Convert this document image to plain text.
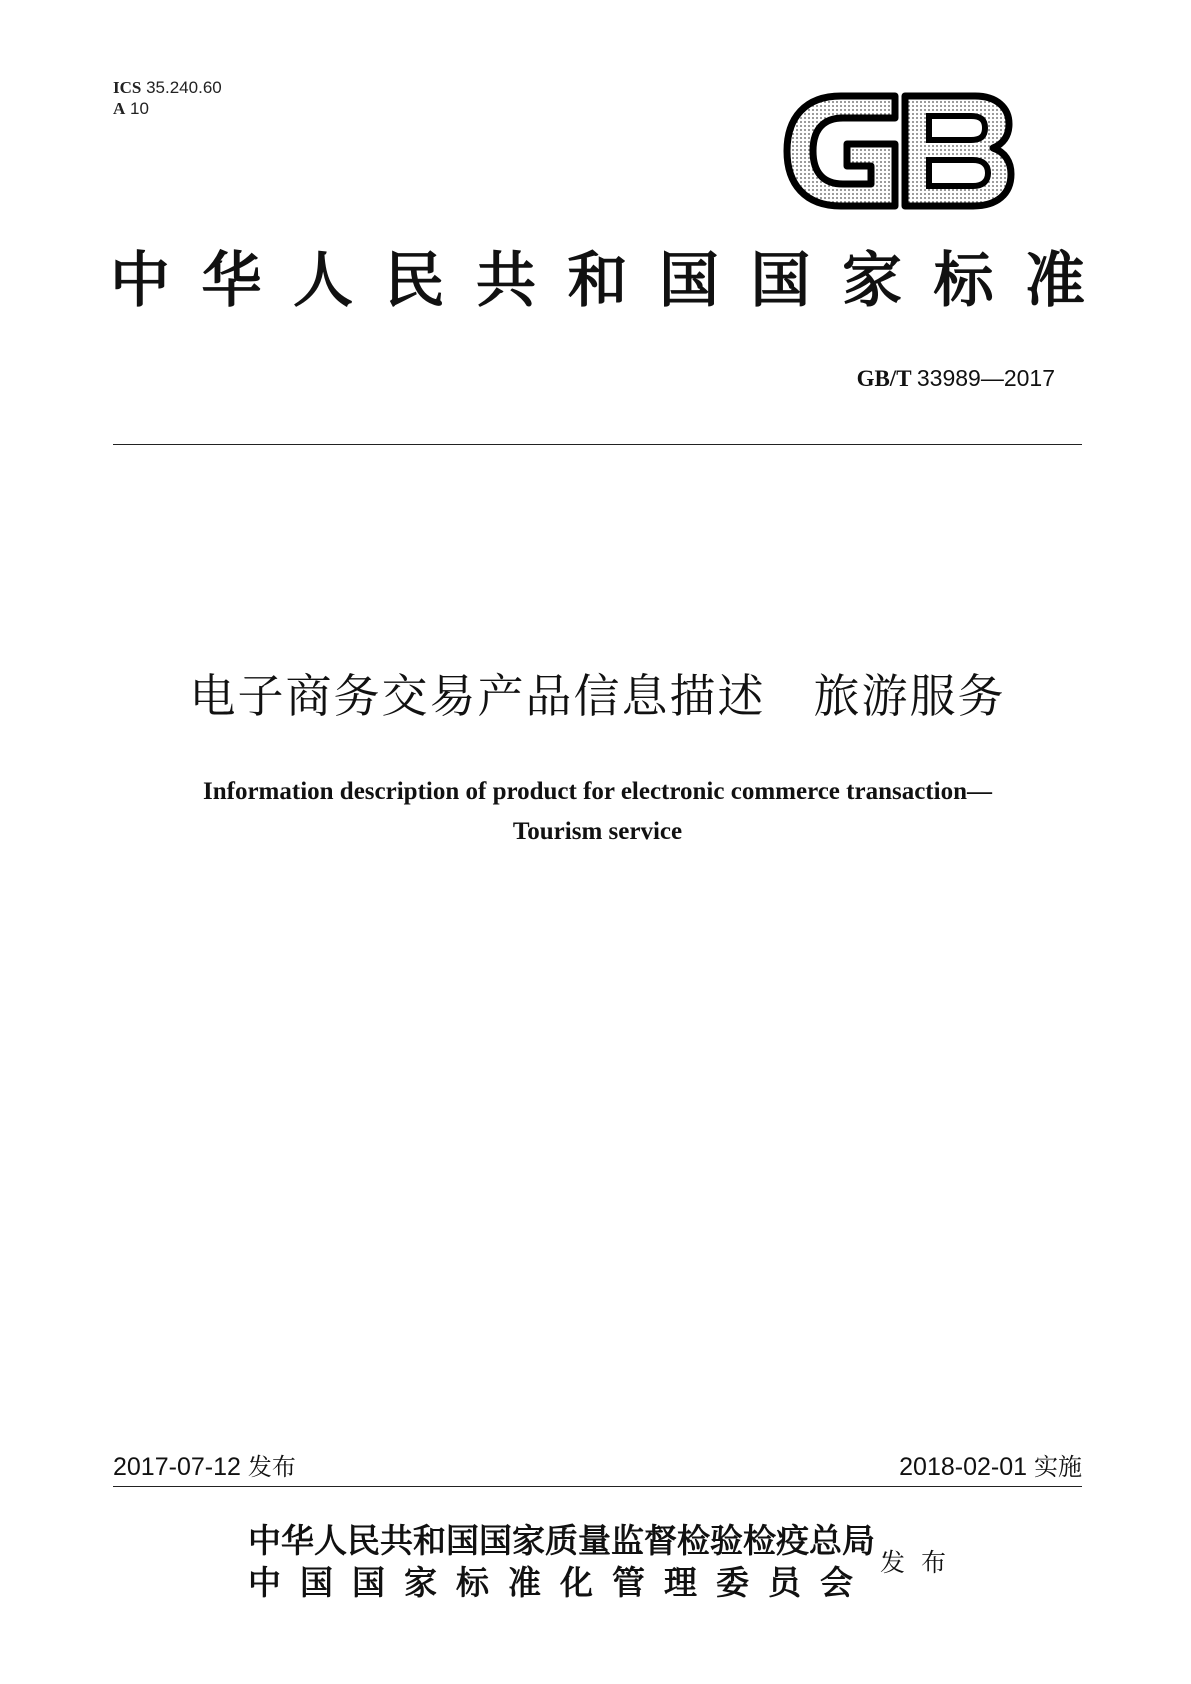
ICS 35.240.60
A 10
GB
中 华 人 民 共 和 国 国 家 标 准
GB/T 33989—2017
电子商务交易产品信息描述　旅游服务
Information description of product for electronic commerce transaction—
Tourism service
2017-07-12 发布	2018-02-01 实施
中 华 人 民 共 和 国 国 家 质 量 监 督 检 验 检 疫 总 局
中 国 国 家 标 准 化 管 理 委 员 会
发布
